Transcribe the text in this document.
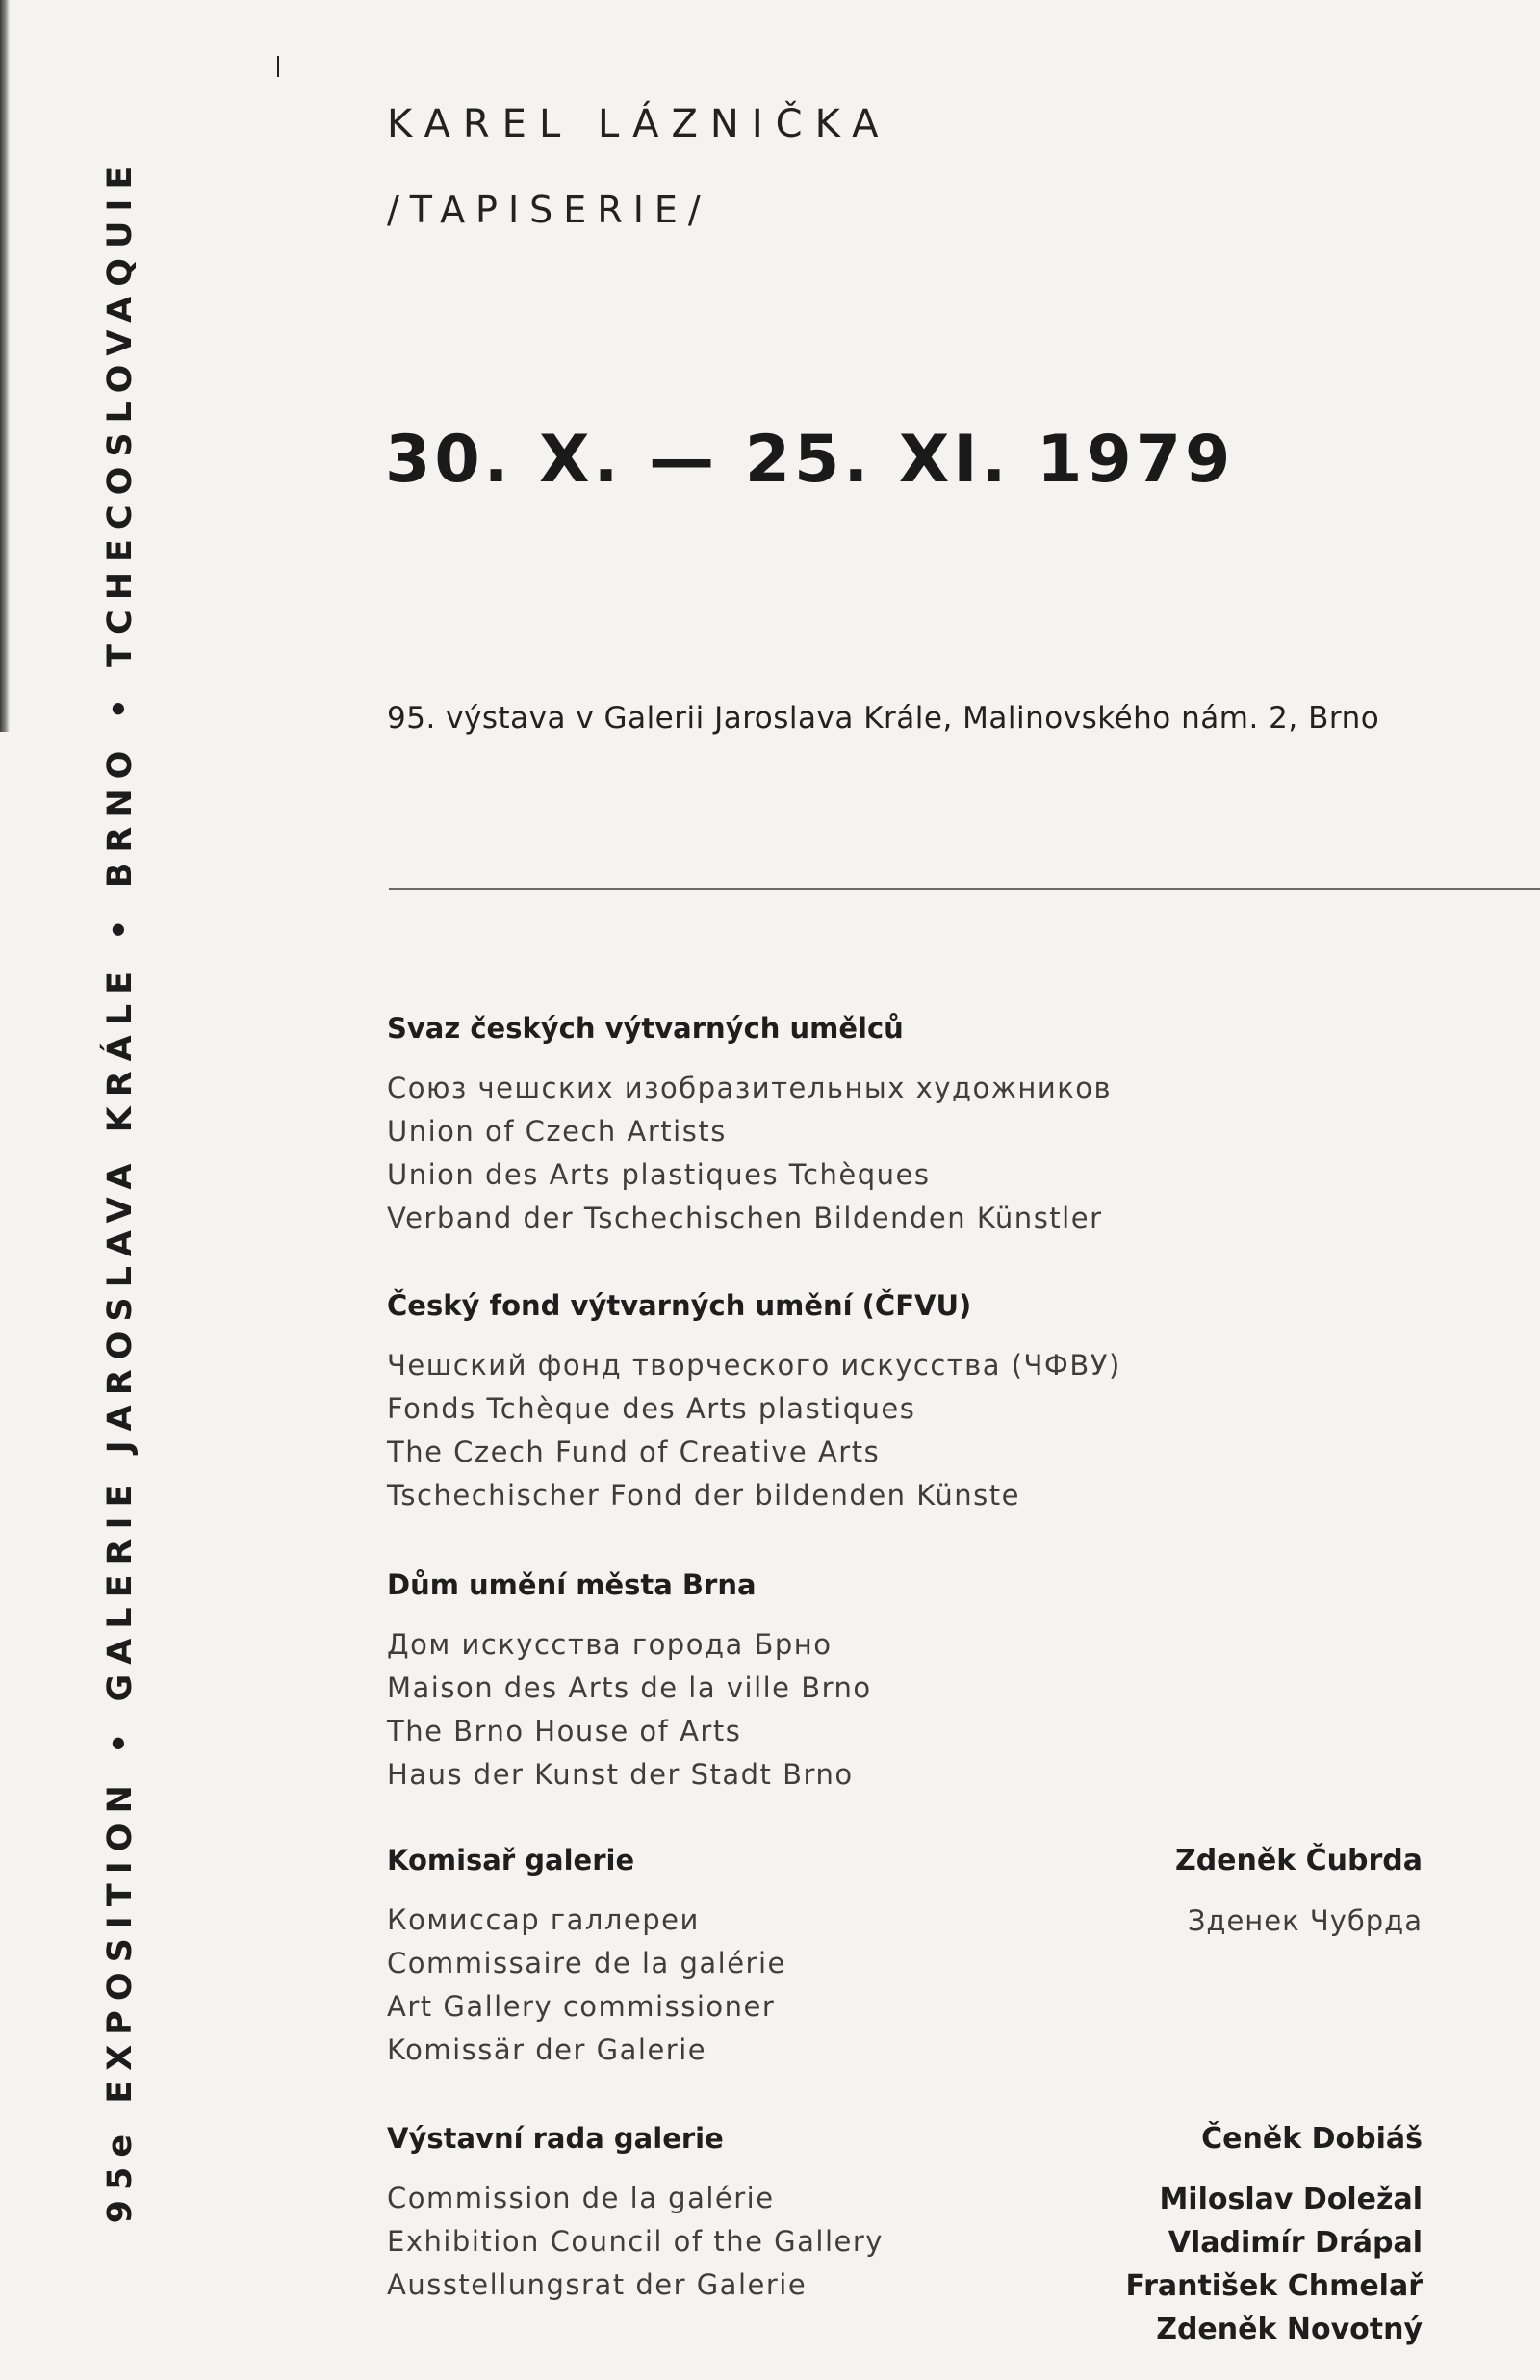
95e EXPOSITION • GALERIE JAROSLAVA KRÁLE • BRNO • TCHECOSLOVAQUIE
KAREL LÁZNIČKA
/TAPISERIE/
30. X. — 25. XI. 1979
95. výstava v Galerii Jaroslava Krále, Malinovského nám. 2, Brno
Svaz českých výtvarných umělců
Союз чешских изобразительных художников
Union of Czech Artists
Union des Arts plastiques Tchèques
Verband der Tschechischen Bildenden Künstler
Český fond výtvarných umění (ČFVU)
Чешский фонд творческого искусства (ЧФВУ)
Fonds Tchèque des Arts plastiques
The Czech Fund of Creative Arts
Tschechischer Fond der bildenden Künste
Dům umění města Brna
Дом искусства города Брно
Maison des Arts de la ville Brno
The Brno House of Arts
Haus der Kunst der Stadt Brno
Komisař galerie
Комиссар галлереи
Commissaire de la galérie
Art Gallery commissioner
Komissär der Galerie
Zdeněk Čubrda
Зденек Чубрда
Výstavní rada galerie
Commission de la galérie
Exhibition Council of the Gallery
Ausstellungsrat der Galerie
Čeněk Dobiáš
Miloslav Doležal
Vladimír Drápal
František Chmelař
Zdeněk Novotný
